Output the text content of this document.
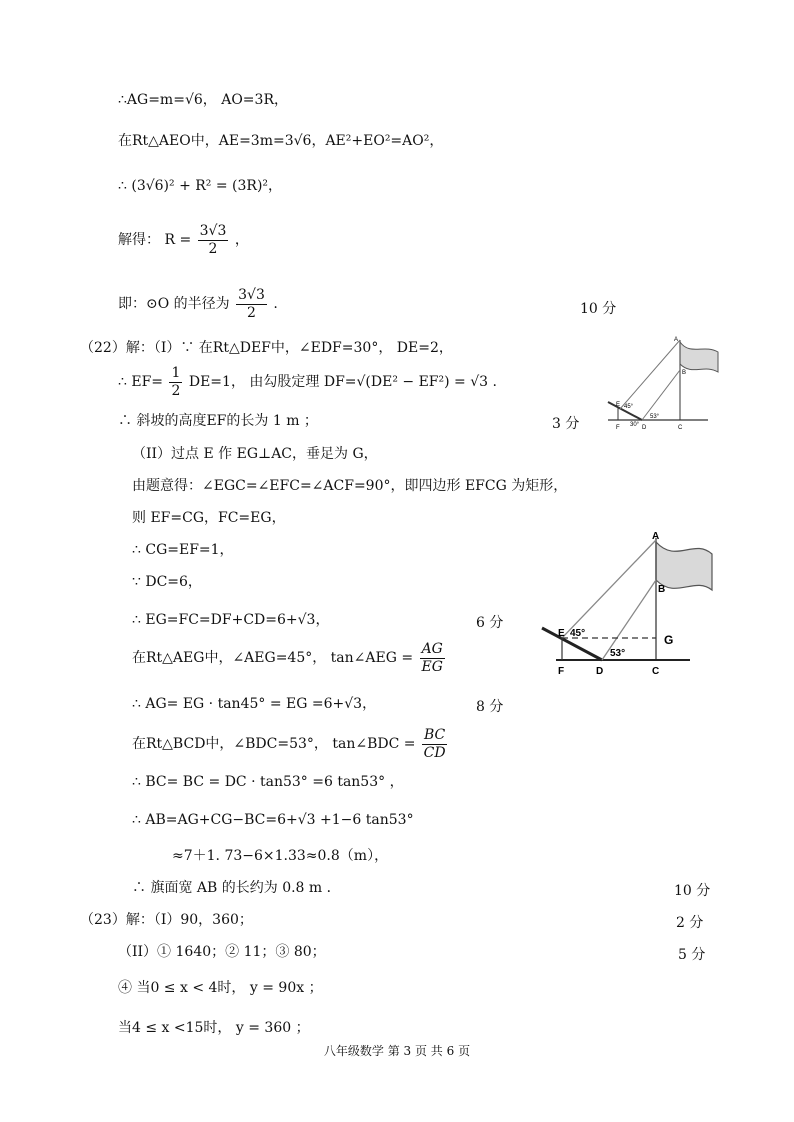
∴AG=m=√6， AO=3R，
在Rt△AEO中，AE=3m=3√6，AE²+EO²=AO²，
∴ (3√6)² + R² = (3R)²，
解得： $R = \frac{3√3}{2}$ ，
即：⊙O 的半径为 $\frac{3√3}{2}$ .	10 分
（22）解：（I）∵ 在Rt△DEF中，∠EDF=30°， DE=2，
∴ $EF= \frac{1}{2} DE=1$， 由勾股定理 DF=√(DE² − EF²) = √3 .
∴ 斜坡的高度EF的长为 1 m ；	3 分
（II）过点 E 作 EG⊥AC，垂足为 G，
由题意得：∠EGC=∠EFC=∠ACF=90°，即四边形 EFCG 为矩形，
则 EF=CG，FC=EG，
∴ CG=EF=1，
∵ DC=6，
∴ EG=FC=DF+CD=6+√3，	6 分
在Rt△AEG中，∠AEG=45°， tan∠AEG = $\frac{AG}{EG}$
∴ AG= EG · tan45° = EG =6+√3，	8 分
在Rt△BCD中，∠BDC=53°， tan∠BDC = $\frac{BC}{CD}$
∴ BC= BC = DC · tan53° =6 tan53° ，
∴ AB=AG+CG−BC=6+√3 +1−6 tan53°
≈7＋1. 73−6×1.33≈0.8（m），
∴ 旗面宽 AB 的长约为 0.8 m ．	10 分
（23）解：（I）90，360；	2 分
（II）① 1640；② 11；③ 80；	5 分
④ 当0 ≤ x < 4时， y = 90x ；
当4 ≤ x <15时， y = 360 ；
八年级数学 第 3 页 共 6 页
A
B
C
D
E
F
45°
53°
30°
A
B
C
D
E
F
G
45°
53°
